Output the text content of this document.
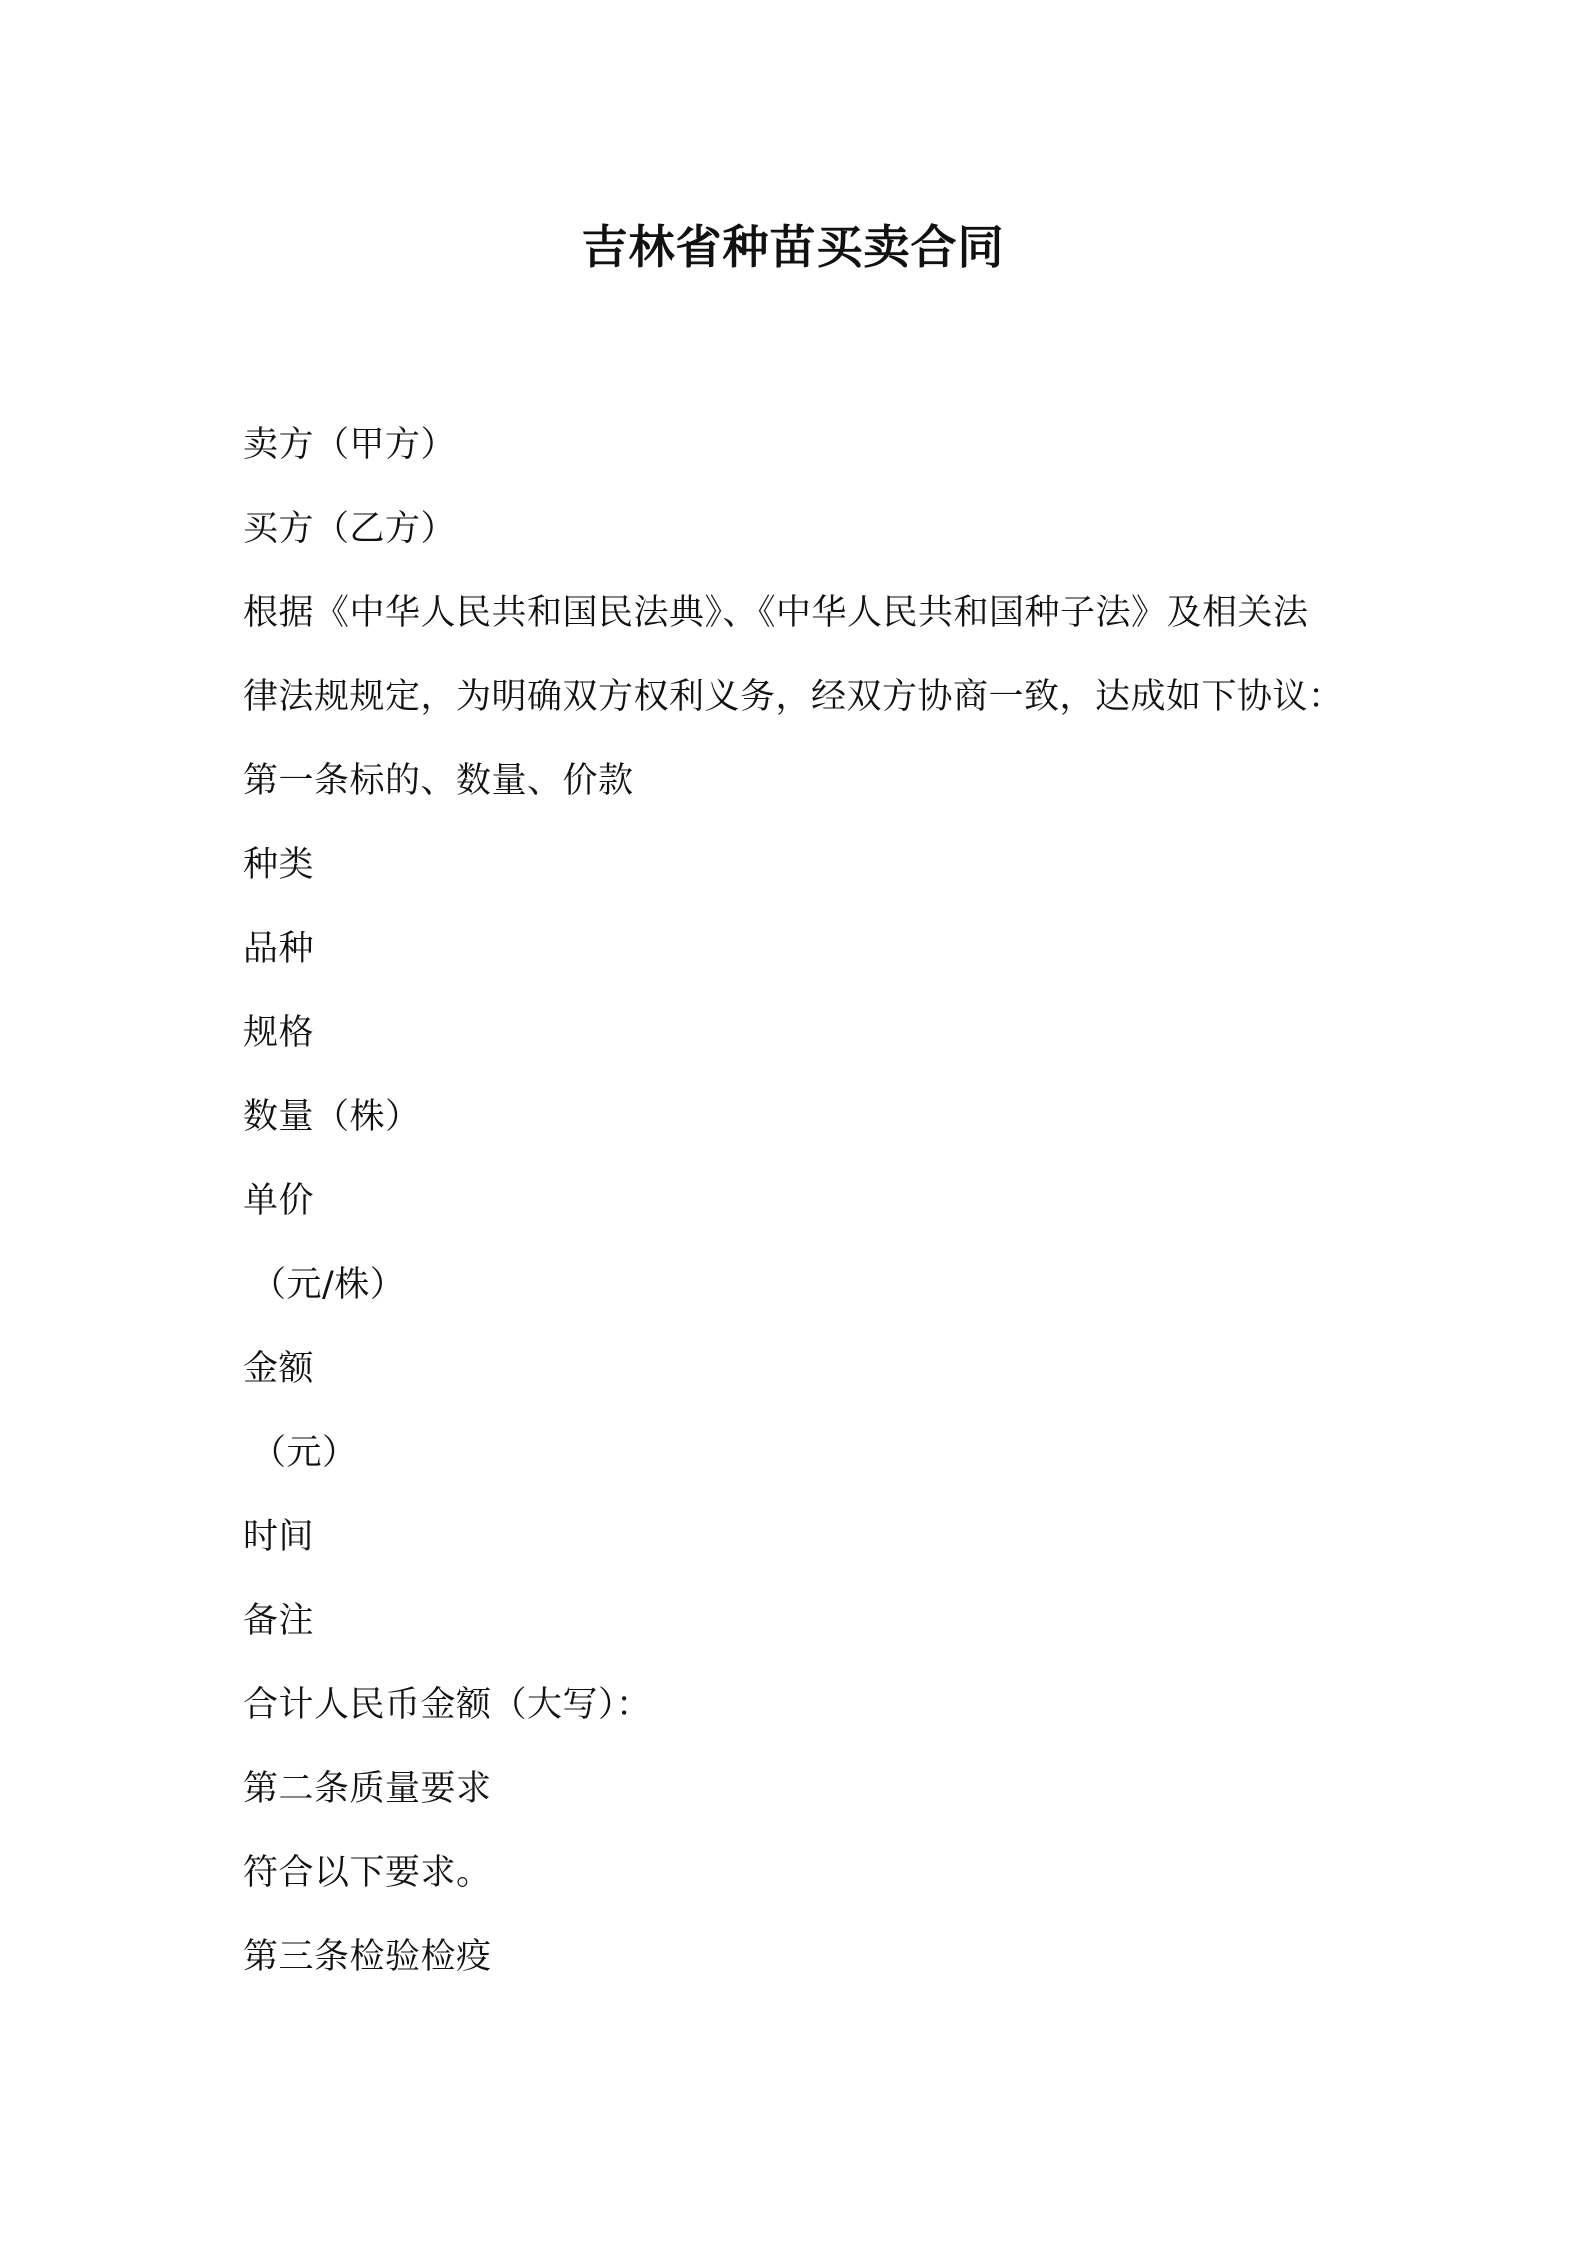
吉林省种苗买卖合同
卖方（甲方）
买方（乙方）
根据《中华人民共和国民法典》、《中华人民共和国种子法》及相关法
律法规规定，为明确双方权利义务，经双方协商一致，达成如下协议：
第一条标的、数量、价款
种类
品种
规格
数量（株）
单价
（元/株）
金额
（元）
时间
备注
合计人民币金额（大写）：
第二条质量要求
符合以下要求。
第三条检验检疫
